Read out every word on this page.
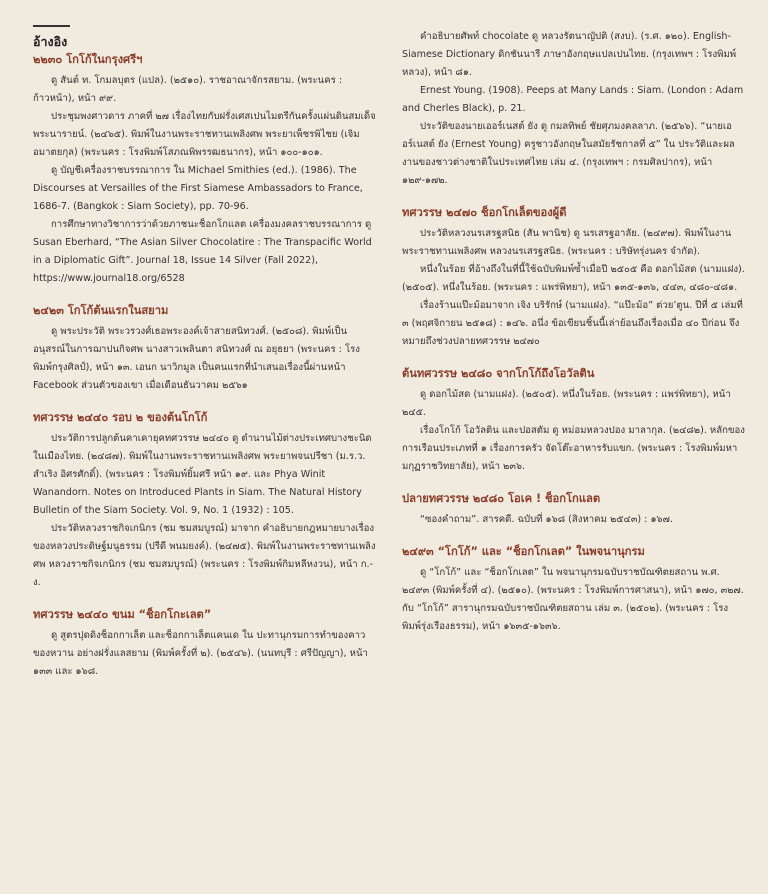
อ้างอิง
๒๒๓๐ โกโก้ในกรุงศรีฯ

ดู สันต์ ท. โกมลบุตร (แปล). (๒๕๑๐). ราชอาณาจักรสยาม. (พระนคร : ก้าวหน้า), หน้า ๙๙.

ประชุมพงศาวดาร ภาคที่ ๒๗ เรื่องไทยกับฝรั่งเศสเปนไมตรีกันครั้งแผ่นดินสมเด็จพระนารายน์. (๒๔๖๕). พิมพ์ในงานพระราชทานเพลิงศพ พระยาเพ็ชรพิไชย (เจิม อมาตยกุล) (พระนคร : โรงพิมพ์โสภณพิพรรฒธนากร), หน้า ๑๐๐-๑๐๑.

ดู บัญชีเครื่องราชบรรณาการ ใน Michael Smithies (ed.). (1986). The Discourses at Versailles of the First Siamese Ambassadors to France, 1686-7. (Bangkok : Siam Society), pp. 70-96.

การศึกษาทางวิชาการว่าด้วยภาชนะช็อกโกแลต เครื่องมงคลราชบรรณาการ ดู Susan Eberhard, “The Asian Silver Chocolatire : The Transpacific World in a Diplomatic Gift”. Journal 18, Issue 14 Silver (Fall 2022), https://www.journal18.org/6528

๒๔๒๓ โกโก้ต้นแรกในสยาม

ดู พระประวัติ พระวรวงศ์เธอพระองค์เจ้าสายสนิทวงศ์. (๒๕๐๘). พิมพ์เป็นอนุสรณ์ในการฌาปนกิจศพ นางสาวเพลินตา สนิทวงศ์ ณ อยุธยา (พระนคร : โรงพิมพ์กรุงศิลป์), หน้า ๑๓. เอนก นาวิกมูล เป็นคนแรกที่นำเสนอเรื่องนี้ผ่านหน้า Facebook ส่วนตัวของเขา เมื่อเดือนธันวาคม ๒๕๖๑

ทศวรรษ ๒๔๔๐ รอบ ๒ ของต้นโกโก้

ประวัติการปลูกต้นคาเคายุคทศวรรษ ๒๔๔๐ ดู ตำนานไม้ต่างประเทศบางชะนิดในเมืองไทย. (๒๔๘๗). พิมพ์ในงานพระราชทานเพลิงศพ พระยาพจนปรีชา (ม.ร.ว. สำเริง อิศรศักดิ์). (พระนคร : โรงพิมพ์ยิ้มศรี หน้า ๑๙. และ Phya Winit Wanandorn. Notes on Introduced Plants in Siam. The Natural History Bulletin of the Siam Society. Vol. 9, No. 1 (1932) : 105.

ประวัติหลวงราชกิจเกนิกร (ชม ชมสมบูรณ์) มาจาก คำอธิบายกฎหมายบางเรื่องของหลวงประดิษฐ์มนูธรรม (ปรีดี พนมยงค์). (๒๔๗๕). พิมพ์ในงานพระราชทานเพลิงศพ หลวงราชกิจเกนิกร (ชม ชมสมบูรณ์) (พระนคร : โรงพิมพ์กิมหลีหงวน), หน้า ก.-ง.

ทศวรรษ ๒๔๔๐ ขนม “ช็อกโกะเลต”

ดู สูตรปุดดิงช็อกกาเล็ต และช็อกกาเล็ตแคนเด ใน ปะทานุกรมการทำของคาวของหวาน อย่างฝรั่งแลสยาม (พิมพ์ครั้งที่ ๒). (๒๕๔๖). (นนทบุรี : ศรีปัญญา), หน้า ๑๓๓ และ ๑๖๘.

คำอธิบายศัพท์ chocolate ดู หลวงรัตนาญัปติ (สงบ). (ร.ศ. ๑๒๐). English-Siamese Dictionary ดิกชันนารี ภาษาอังกฤษแปลเปนไทย. (กรุงเทพฯ : โรงพิมพ์หลวง), หน้า ๘๑.

Ernest Young. (1908). Peeps at Many Lands : Siam. (London : Adam and Cherles Black), p. 21.

ประวัติของนายเออร์เนสต์ ยัง ดู กมลทิพย์ ชัยศุภมงคลลาภ. (๒๕๖๖). “นายเออร์เนสต์ ยัง (Ernest Young) ครูชาวอังกฤษในสมัยรัชกาลที่ ๕” ใน ประวัติและผลงานของชาวต่างชาติในประเทศไทย เล่ม ๔. (กรุงเทพฯ : กรมศิลปากร), หน้า ๑๒๙-๑๗๒.

ทศวรรษ ๒๔๗๐ ช็อกโกเล็ตของผู้ดี

ประวัติหลวงนรเสรฐสนิธ (สัน พานิช) ดู นรเสรฐอาลัย. (๒๔๙๗). พิมพ์ในงานพระราชทานเพลิงศพ หลวงนรเสรฐสนิธ. (พระนคร : บริษัทรุ่งนคร จำกัด).

หนึ่งในร้อย ที่อ้างถึงในที่นี้ใช้ฉบับพิมพ์ซ้ำเมื่อปี ๒๕๐๕ คือ ดอกไม้สด (นามแฝง). (๒๕๐๕). หนึ่งในร้อย. (พระนคร : แพร่พิทยา), หน้า ๑๓๕-๑๓๖, ๔๔๓, ๔๘๐-๔๘๑.

เรื่องร้านแป๊ะม้อมาจาก เจิง บริรักษ์ (นามแฝง). “แป๊ะม้อ” ต่วย’ตูน. ปีที่ ๕ เล่มที่ ๓ (พฤศจิกายน ๒๕๑๘) : ๑๔๖. อนึ่ง ข้อเขียนชิ้นนี้เล่าย้อนถึงเรื่องเมื่อ ๔๐ ปีก่อน จึงหมายถึงช่วงปลายทศวรรษ ๒๔๗๐

ต้นทศวรรษ ๒๔๘๐ จากโกโก้ถึงโอวัลติน

ดู ดอกไม้สด (นามแฝง). (๒๕๐๕). หนึ่งในร้อย. (พระนคร : แพร่พิทยา), หน้า ๒๔๕.

เรื่องโกโก้ โอวัลติน และปอสตัม ดู หม่อมหลวงปอง มาลากุล. (๒๔๘๒). หลักของการเรือนประเภทที่ ๑ เรื่องการครัว จัดโต๊ะอาหารรับแขก. (พระนคร : โรงพิมพ์มหามกุฏราชวิทยาลัย), หน้า ๒๓๖.

ปลายทศวรรษ ๒๔๘๐ โอเค ! ช็อกโกแลต

“ซองคำถาม”. สารคดี. ฉบับที่ ๑๖๘ (สิงหาคม ๒๕๔๓) : ๑๖๗.

๒๔๙๓ “โกโก้” และ “ช็อกโกเลต” ในพจนานุกรม

ดู “โกโก้” และ “ช็อกโกเลต” ใน พจนานุกรมฉบับราชบัณฑิตยสถาน พ.ศ. ๒๔๙๓ (พิมพ์ครั้งที่ ๔). (๒๕๑๐). (พระนคร : โรงพิมพ์การศาสนา), หน้า ๑๗๐, ๓๒๗. กับ “โกโก้” สารานุกรมฉบับราชบัณฑิตยสถาน เล่ม ๓. (๒๕๐๒). (พระนคร : โรงพิมพ์รุ่งเรืองธรรม), หน้า ๑๖๓๕-๑๖๓๖.
